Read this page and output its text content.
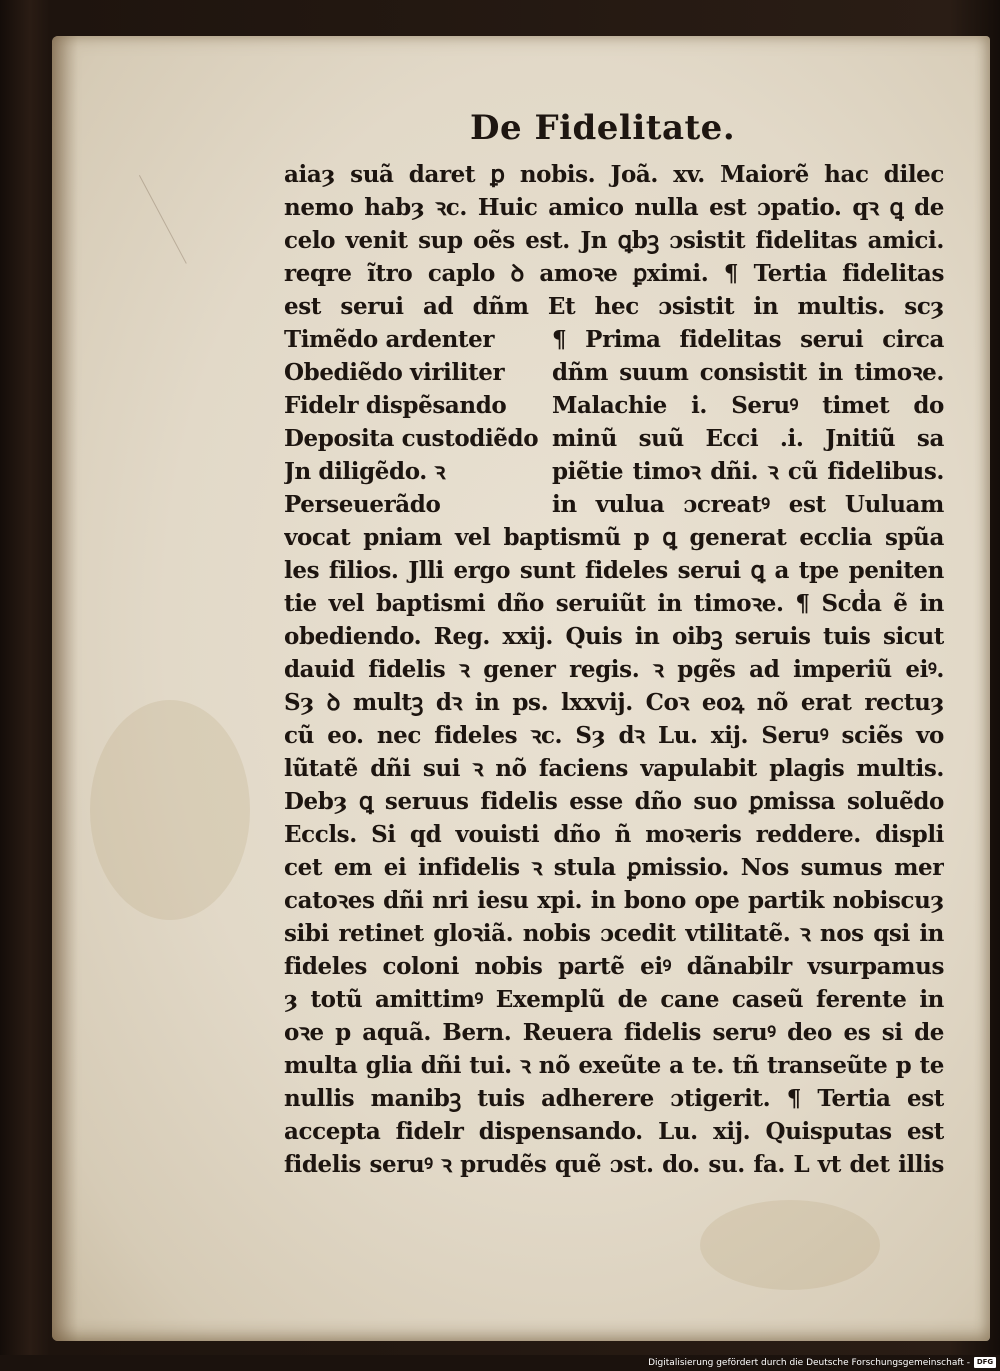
De Fidelitate.
aiaȝ suã daret ꝑ nobis. Joã. xv. Maiorẽ hac dilec
nemo habȝ ꝛc. Huic amico nulla est ɔpatio. qꝛ ꝗ de
celo venit sup oẽs est. Jn ꝗbꝫ ɔsistit fidelitas amici.
reqre ĩtro caplo ꝺ amoꝛe ꝑximi. ¶ Tertia fidelitas
est serui ad dñm Et hec ɔsistit in multis. scȝ
Timẽdo ardenter	¶ Prima fidelitas serui circa
Obediẽdo viriliter	dñm suum consistit in timoꝛe.
Fidelr dispẽsando	Malachie i. Seruꝰ timet do
Deposita custodiẽdo minũ suũ Ecci .i. Jnitiũ sa
Jn diligẽdo. ꝛ	piẽtie timoꝛ dñi. ꝛ cũ fidelibus.
Perseuerãdo	in vulua ɔcreatꝰ est Uuluam
vocat pniam vel baptismũ p ꝗ generat ecclia spũa
les filios. Jlli ergo sunt fideles serui ꝗ a tpe peniten
tie vel baptismi dño seruiũt in timoꝛe. ¶ Scḋa ẽ in
obediendo. Reg. xxij. Quis in oibꝫ seruis tuis sicut
dauid fidelis ꝛ gener regis. ꝛ pgẽs ad imperiũ eiꝰ.
Sȝ ꝺ multꝫ dꝛ in ps. lxxvij. Coꝛ eoꝝ nõ erat rectuȝ
cũ eo. nec fideles ꝛc. Sȝ dꝛ Lu. xij. Seruꝰ sciẽs vo
lũtatẽ dñi sui ꝛ nõ faciens vapulabit plagis multis.
Debȝ ꝗ seruus fidelis esse dño suo ꝑmissa soluẽdo
Eccls. Si qd vouisti dño ñ moꝛeris reddere. displi
cet em ei infidelis ꝛ stula ꝑmissio. Nos sumus mer
catoꝛes dñi nri iesu xpi. in bono ope partik nobiscuȝ
sibi retinet gloꝛiã. nobis ɔcedit vtilitatẽ. ꝛ nos qsi in
fideles coloni nobis partẽ eiꝰ dãnabilr vsurpamus
ȝ totũ amittimꝰ Exemplũ de cane caseũ ferente in
oꝛe p aquã. Bern. Reuera fidelis seruꝰ deo es si de
multa glia dñi tui. ꝛ nõ exeũte a te. tñ transeũte p te
nullis manibꝫ tuis adherere ɔtigerit. ¶ Tertia est
accepta fidelr dispensando. Lu. xij. Quisputas est
fidelis seruꝰ ꝛ prudẽs quẽ ɔst. do. su. fa. L vt det illis
Digitalisierung gefördert durch die Deutsche Forschungsgemeinschaft - DFG
